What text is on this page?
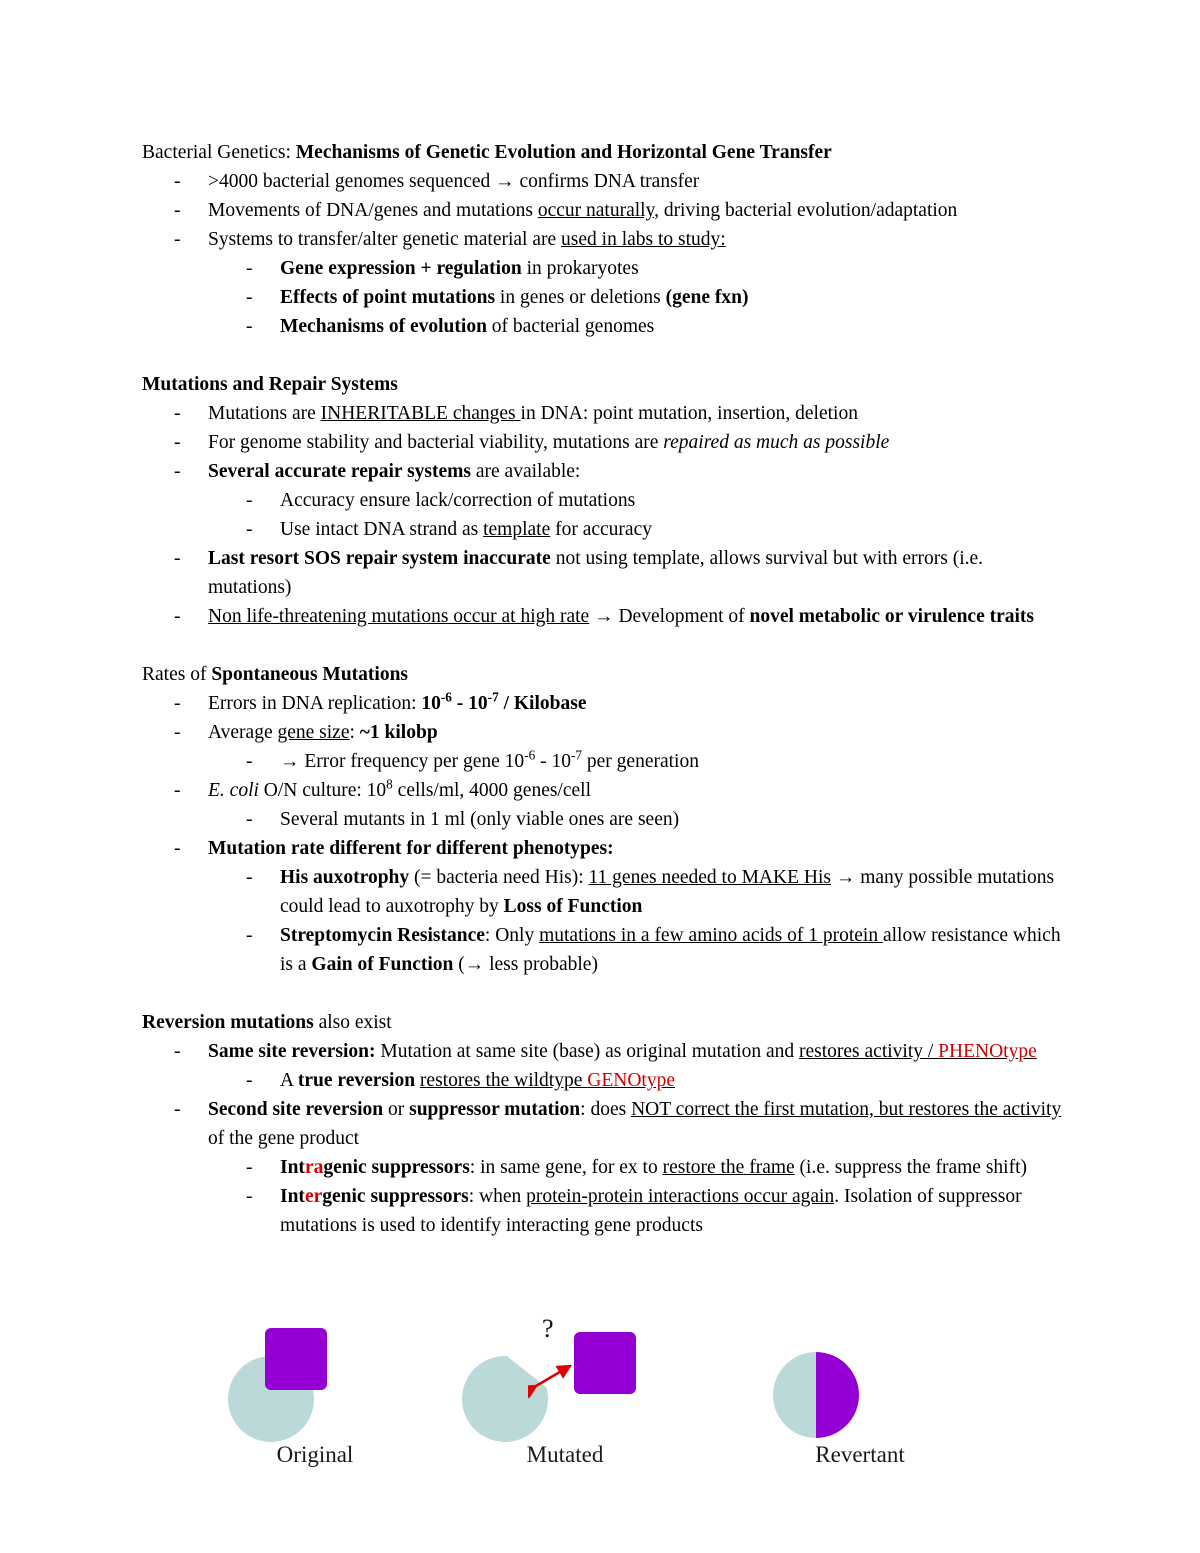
Bacterial Genetics: Mechanisms of Genetic Evolution and Horizontal Gene Transfer
-	>4000 bacterial genomes sequenced → confirms DNA transfer
-	Movements of DNA/genes and mutations occur naturally, driving bacterial evolution/adaptation
-	Systems to transfer/alter genetic material are used in labs to study:
-	Gene expression + regulation in prokaryotes
-	Effects of point mutations in genes or deletions (gene fxn)
-	Mechanisms of evolution of bacterial genomes
Mutations and Repair Systems
-	Mutations are INHERITABLE changes in DNA: point mutation, insertion, deletion
-	For genome stability and bacterial viability, mutations are repaired as much as possible
-	Several accurate repair systems are available:
-	Accuracy ensure lack/correction of mutations
-	Use intact DNA strand as template for accuracy
-	Last resort SOS repair system inaccurate not using template, allows survival but with errors (i.e. mutations)
-	Non life-threatening mutations occur at high rate → Development of novel metabolic or virulence traits
Rates of Spontaneous Mutations
-	Errors in DNA replication: $10^{-6} - 10^{-7}$ / Kilobase
-	Average gene size: ~1 kilobp
-	→ Error frequency per gene $10^{-6} - 10^{-7}$ per generation
-	E. coli O/N culture: $10^8$ cells/ml, 4000 genes/cell
-	Several mutants in 1 ml (only viable ones are seen)
-	Mutation rate different for different phenotypes:
-	His auxotrophy (= bacteria need His): 11 genes needed to MAKE His → many possible mutations could lead to auxotrophy by Loss of Function
-	Streptomycin Resistance: Only mutations in a few amino acids of 1 protein allow resistance which is a Gain of Function (→ less probable)
Reversion mutations also exist
-	Same site reversion: Mutation at same site (base) as original mutation and restores activity / PHENOtype
-	A true reversion restores the wildtype GENOtype
-	Second site reversion or suppressor mutation: does NOT correct the first mutation, but restores the activity of the gene product
-	Intragenic suppressors: in same gene, for ex to restore the frame (i.e. suppress the frame shift)
-	Intergenic suppressors: when protein-protein interactions occur again. Isolation of suppressor mutations is used to identify interacting gene products
Original
?
Mutated	Revertant
